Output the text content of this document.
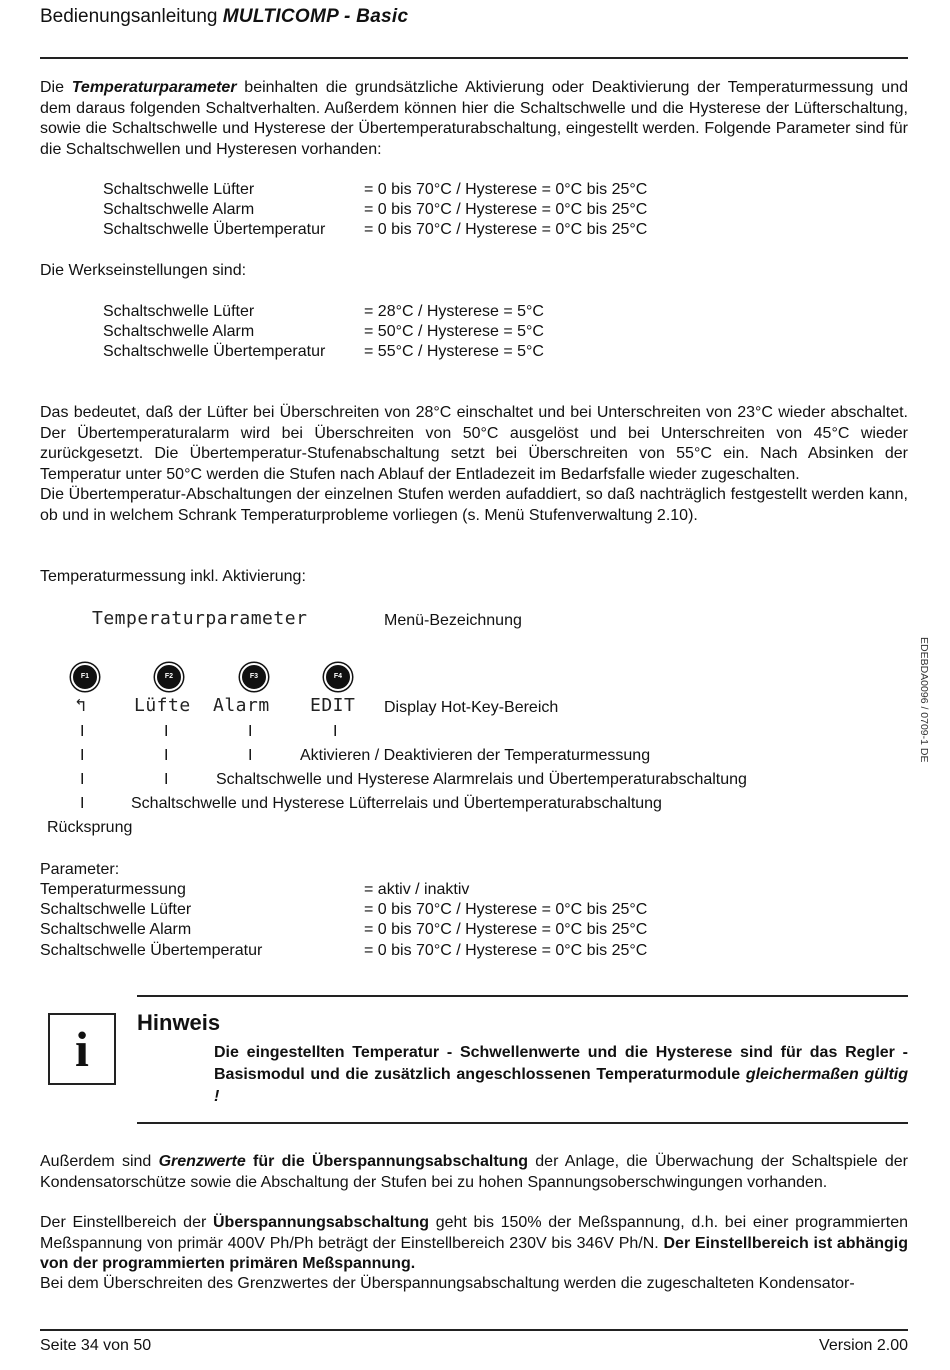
Bedienungsanleitung MULTICOMP - Basic
Die Temperaturparameter beinhalten die grundsätzliche Aktivierung oder Deaktivierung der Temperaturmessung und dem daraus folgenden Schaltverhalten. Außerdem können hier die Schaltschwelle und die Hysterese der Lüfterschaltung, sowie die Schaltschwelle und Hysterese der Übertemperaturabschaltung, eingestellt werden. Folgende Parameter sind für die Schaltschwellen und Hysteresen vorhanden:
Schaltschwelle Lüfter	= 0 bis 70°C / Hysterese = 0°C bis 25°C
Schaltschwelle Alarm	= 0 bis 70°C / Hysterese = 0°C bis 25°C
Schaltschwelle Übertemperatur = 0 bis 70°C / Hysterese = 0°C bis 25°C
Die Werkseinstellungen sind:
Schaltschwelle Lüfter	= 28°C / Hysterese = 5°C
Schaltschwelle Alarm	= 50°C / Hysterese = 5°C
Schaltschwelle Übertemperatur = 55°C / Hysterese = 5°C
Das bedeutet, daß der Lüfter bei Überschreiten von 28°C einschaltet und bei Unterschreiten von 23°C wieder abschaltet. Der Übertemperaturalarm wird bei Überschreiten von 50°C ausgelöst und bei Unterschreiten von 45°C wieder zurückgesetzt. Die Übertemperatur-Stufenabschaltung setzt bei Überschreiten von 55°C ein. Nach Absinken der Temperatur unter 50°C werden die Stufen nach Ablauf der Entladezeit im Bedarfsfalle wieder zugeschalten.
Die Übertemperatur-Abschaltungen der einzelnen Stufen werden aufaddiert, so daß nachträglich festgestellt werden kann, ob und in welchem Schrank Temperaturprobleme vorliegen (s. Menü Stufenverwaltung 2.10).
Temperaturmessung inkl. Aktivierung:
Temperaturparameter	Menü-Bezeichnung
F1	F2	F3	F4
↰	Lüfte Alarm EDIT Display Hot-Key-Bereich
I	I	I	I
I	I	I	Aktivieren / Deaktivieren der Temperaturmessung
I	I	Schaltschwelle und Hysterese Alarmrelais und Übertemperaturabschaltung
I	Schaltschwelle und Hysterese Lüfterrelais und Übertemperaturabschaltung
Rücksprung
Parameter:
Temperaturmessung	= aktiv / inaktiv
Schaltschwelle Lüfter	= 0 bis 70°C / Hysterese = 0°C bis 25°C
Schaltschwelle Alarm	= 0 bis 70°C / Hysterese = 0°C bis 25°C
Schaltschwelle Übertemperatur	= 0 bis 70°C / Hysterese = 0°C bis 25°C
i	Hinweis
Die eingestellten Temperatur - Schwellenwerte und die Hysterese sind für das Regler - Basismodul und die zusätzlich angeschlossenen Temperaturmodule gleichermaßen gültig !
Außerdem sind Grenzwerte für die Überspannungsabschaltung der Anlage, die Überwachung der Schaltspiele der Kondensatorschütze sowie die Abschaltung der Stufen bei zu hohen Spannungsoberschwingungen vorhanden.
Der Einstellbereich der Überspannungsabschaltung geht bis 150% der Meßspannung, d.h. bei einer programmierten Meßspannung von primär 400V Ph/Ph beträgt der Einstellbereich 230V bis 346V Ph/N. Der Einstellbereich ist abhängig von der programmierten primären Meßspannung.
Bei dem Überschreiten des Grenzwertes der Überspannungsabschaltung werden die zugeschalteten Kondensator-
EDEBDA0096 / 0709-1 DE
Seite 34 von 50	Version 2.00
